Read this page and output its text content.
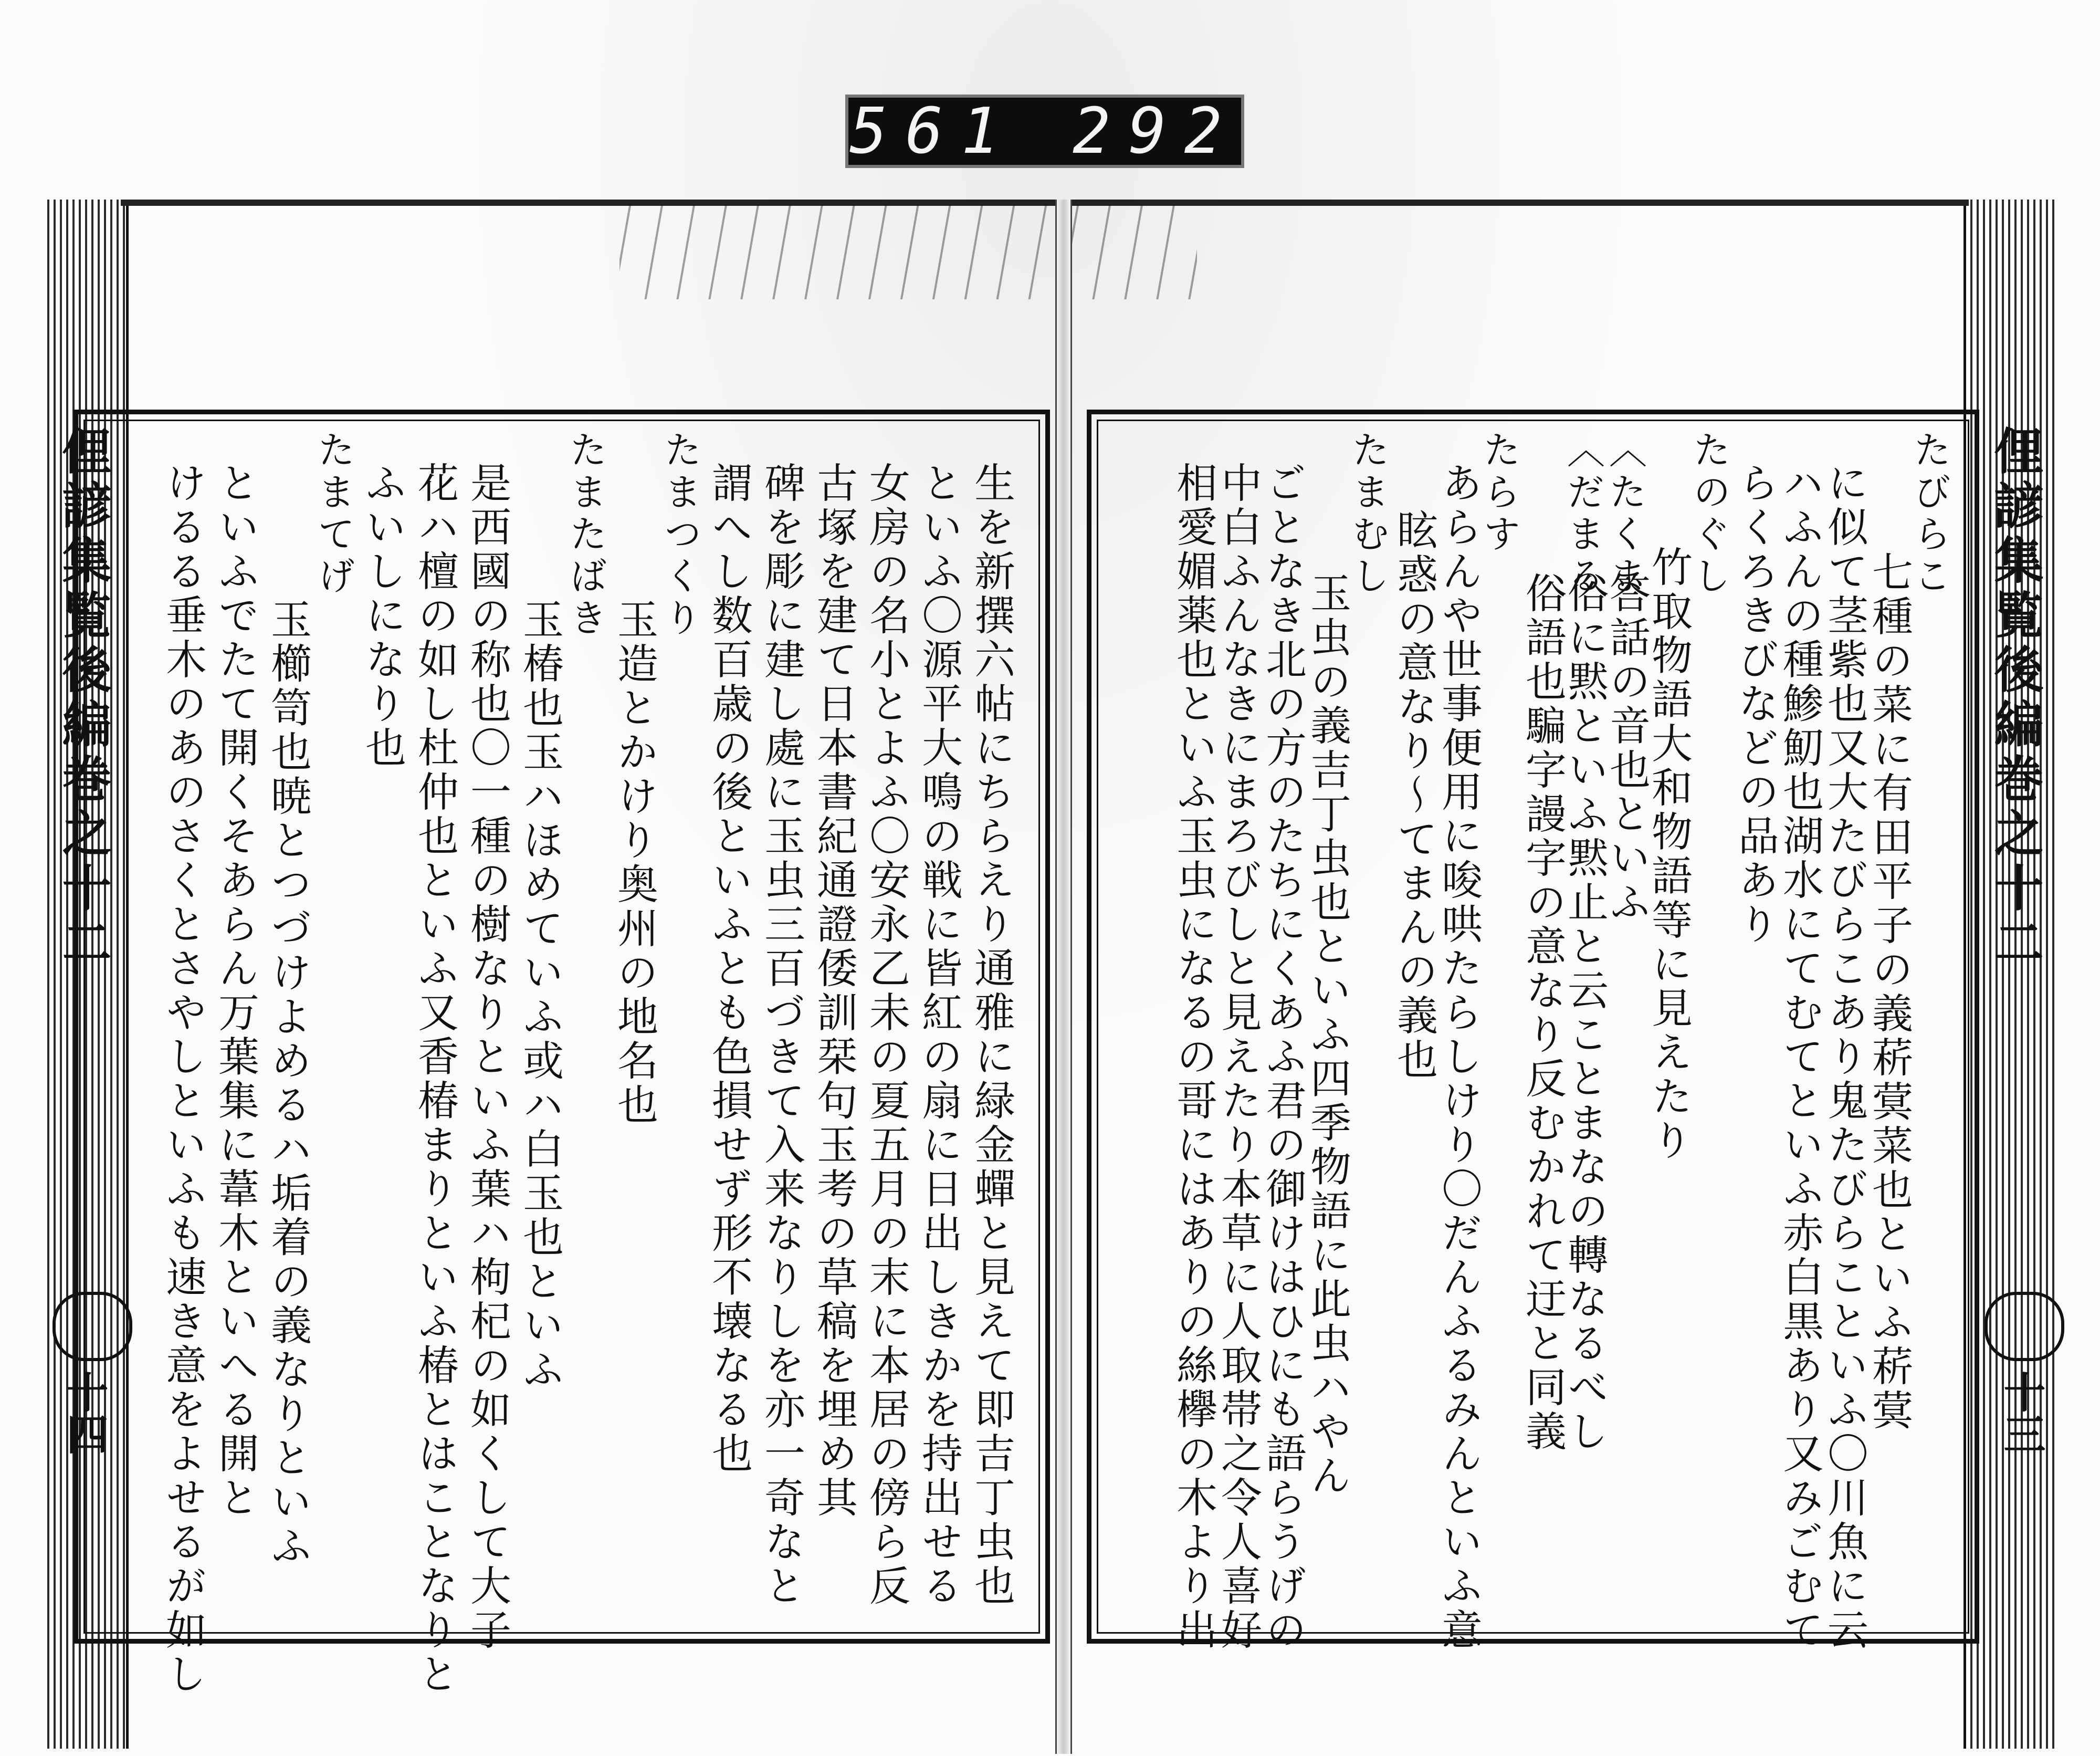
561 292
俚諺集覧後編巻之十二
十四
俚諺集覧後編巻之十二
十三
生を新撰六帖にちらえり通雅に緑金蟬と見えて即吉丁虫也
といふ〇源平大鳴の戦に皆紅の扇に日出しきかを持出せる
女房の名小とよふ〇安永乙未の夏五月の末に本居の傍ら反
古塚を建て日本書紀通證倭訓栞句玉考の草稿を埋め其
碑を彫に建し處に玉虫三百づきて入来なりしを亦一奇なと
謂へし数百歳の後といふとも色損せず形不壊なる也
たまつくり
玉造とかけり奥州の地名也
たまたばき
玉椿也玉ハほめていふ或ハ白玉也といふ
是西國の称也〇一種の樹なりといふ葉ハ枸杞の如くして大子
花ハ檀の如し杜仲也といふ又香椿まりといふ椿とはことなりと
ふいしになり也
たまてげ
玉櫛笥也暁とつづけよめるハ垢着の義なりといふ
といふでたて開くそあらん万葉集に葦木といへる開と
けるる垂木のあのさくとさやしといふも速き意をよせるが如し	たびらこ
七種の菜に有田平子の義菥蓂菜也といふ菥蓂
に似て茎紫也又大たびらこあり鬼たびらこといふ〇川魚に云
ハふんの種鯵魛也湖水にてむてといふ赤白黒あり又みごむて
らくろきびなどの品あり
たのぐし
竹取物語大和物語等に見えたり
〈たくま
答話の音也といふ
〈だまる
俗に黙といふ黙止と云ことまなの轉なるべし
俗語也騙字謾字の意なり反むかれて迂と同義
たらす
あらんや世事便用に唆哄たらしけり〇だんふるみんといふ意
眩惑の意なり〜てまんの義也
たまむし
玉虫の義吉丁虫也といふ四季物語に此虫ハやん
ごとなき北の方のたちにくあふ君の御けはひにも語らうげの
中白ふんなきにまろびしと見えたり本草に人取帯之令人喜好
相愛媚薬也といふ玉虫になるの哥にはありの絲欅の木より出
